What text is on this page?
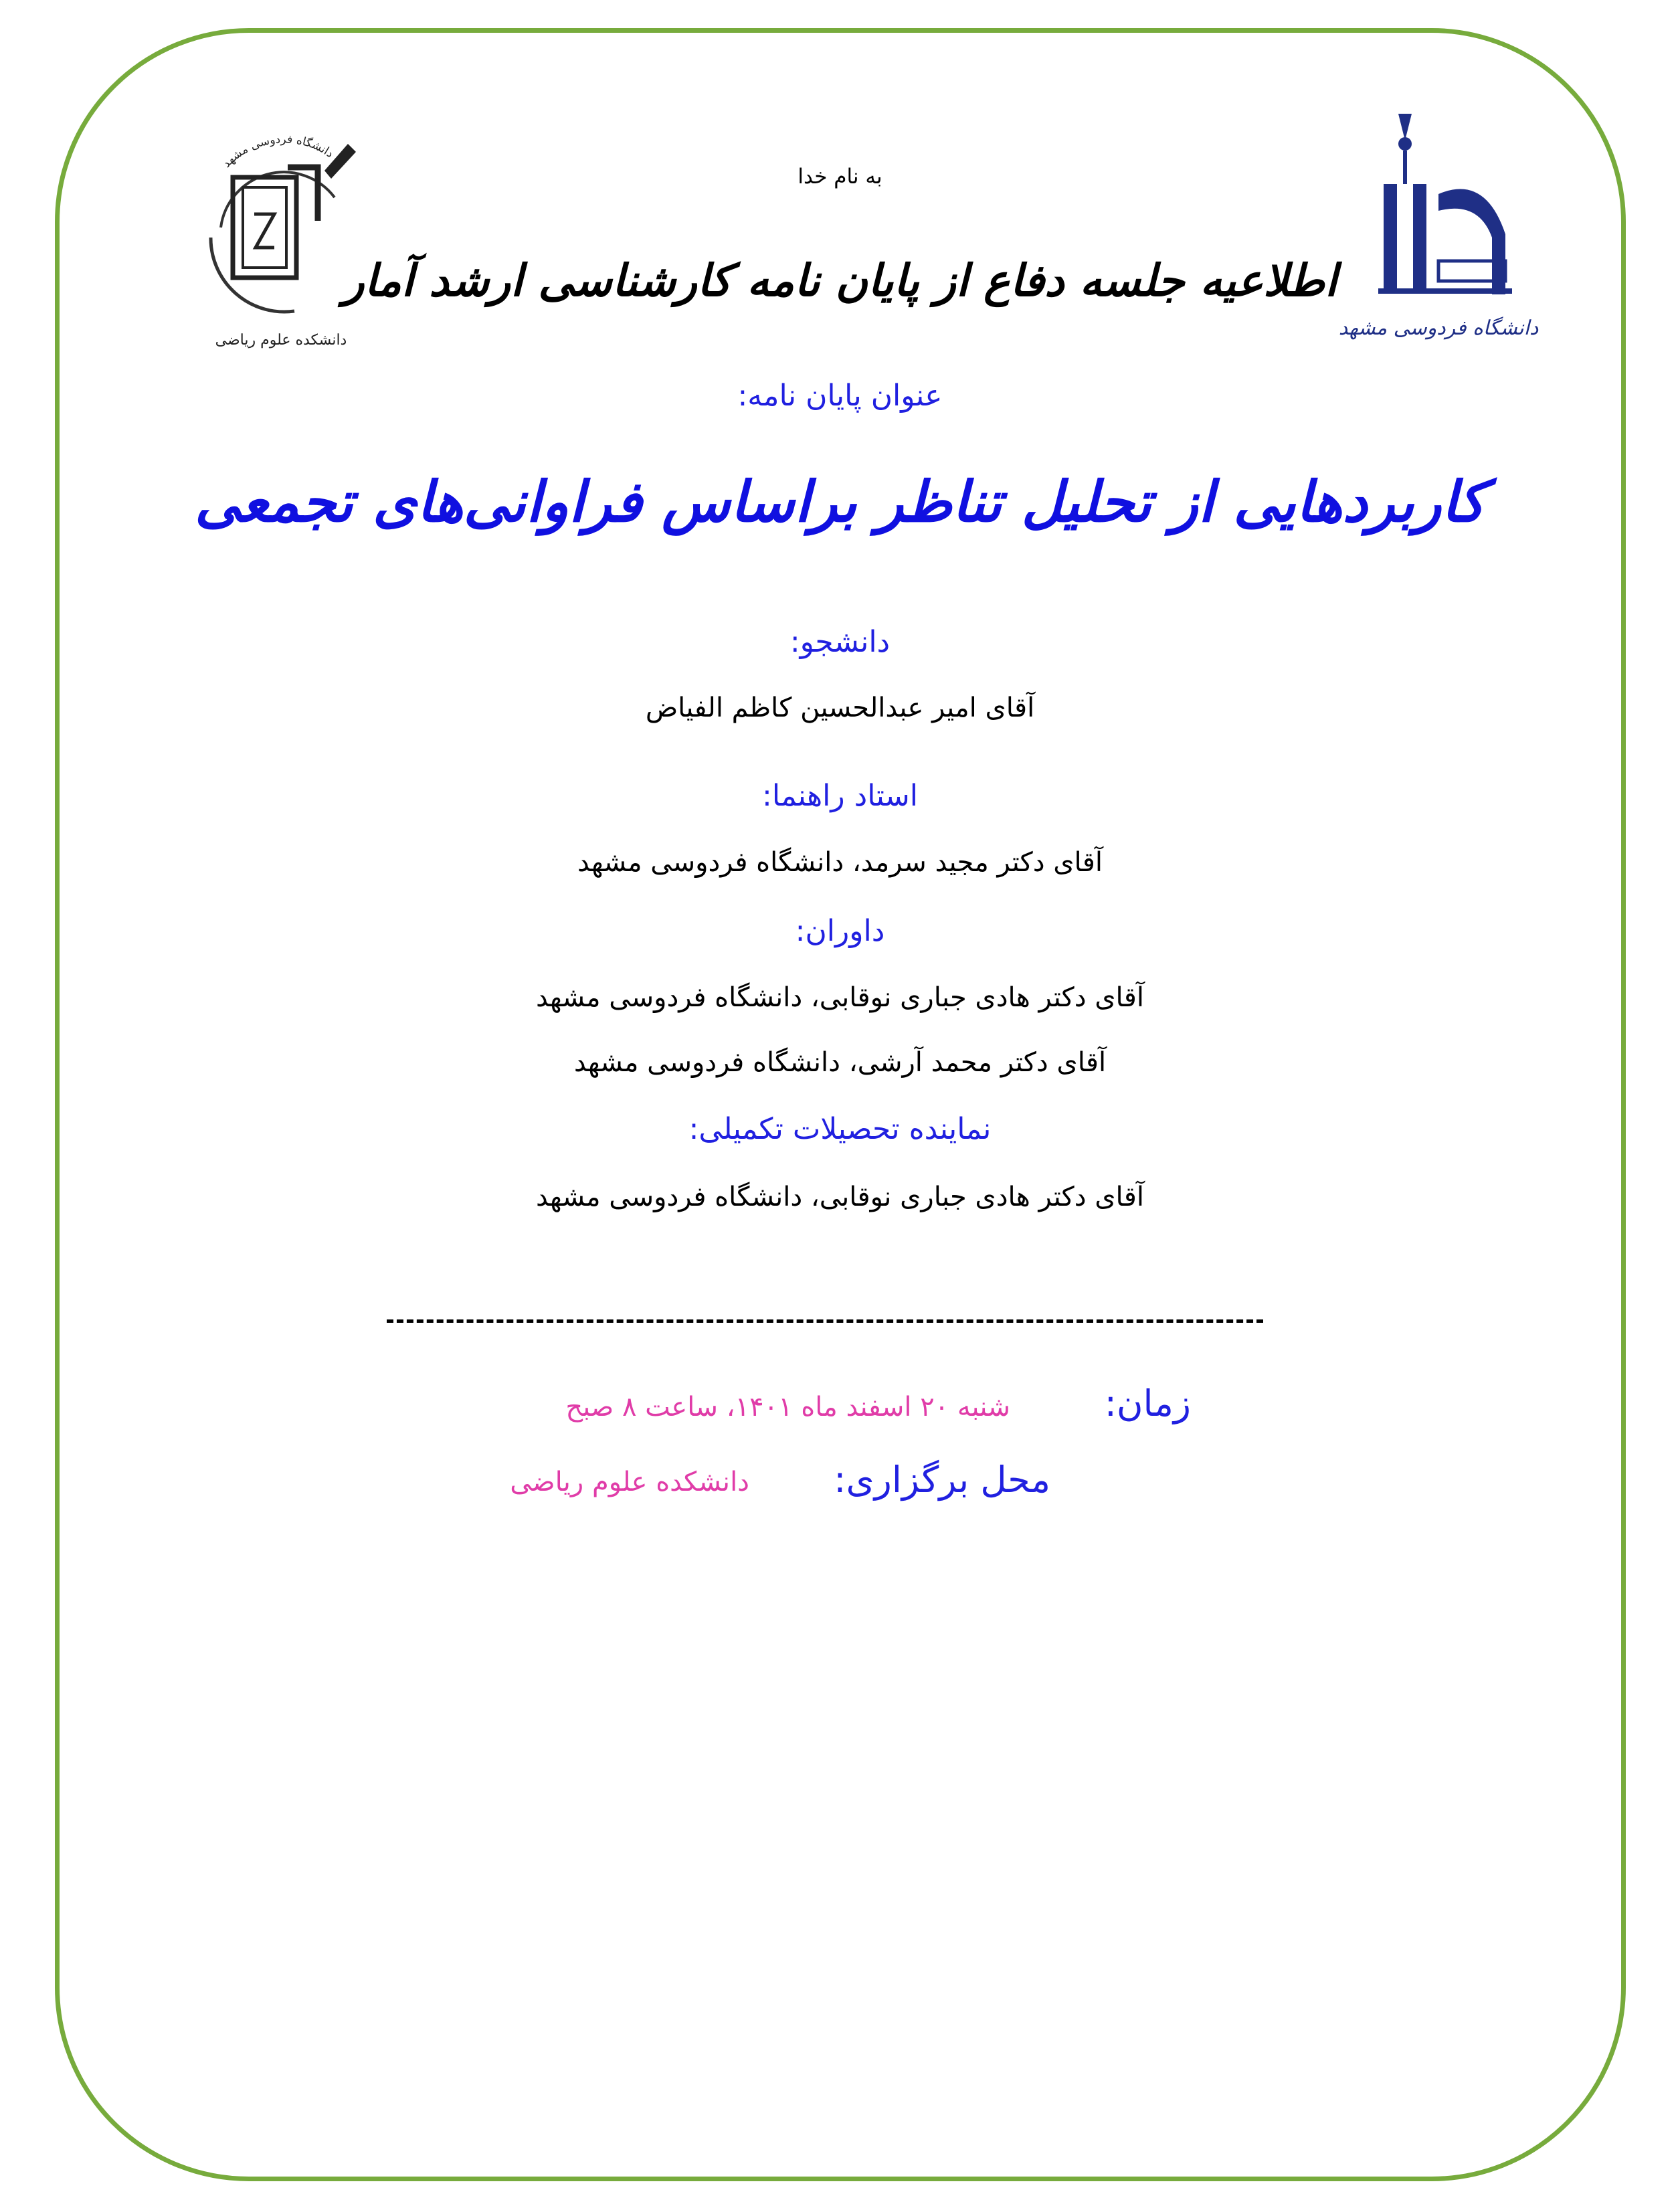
دانشگاه فردوسی مشهد
دانشکده علوم ریاضی
دانشگاه فردوسی مشهد
به نام خدا
اطلاعیه جلسه دفاع از پایان نامه کارشناسی ارشد آمار
عنوان پایان نامه:
کاربردهایی از تحلیل تناظر براساس فراوانی‌های تجمعی
دانشجو:
آقای امیر عبدالحسین کاظم الفیاض
استاد راهنما:
آقای دکتر مجید سرمد، دانشگاه فردوسی مشهد
داوران:
آقای دکتر هادی جباری نوقابی، دانشگاه فردوسی مشهد
آقای دکتر محمد آرشی، دانشگاه فردوسی مشهد
نماینده تحصیلات تکمیلی:
آقای دکتر هادی جباری نوقابی، دانشگاه فردوسی مشهد
زمان:
شنبه ۲۰ اسفند ماه ۱۴۰۱، ساعت ۸ صبح
محل برگزاری:
دانشکده علوم ریاضی
